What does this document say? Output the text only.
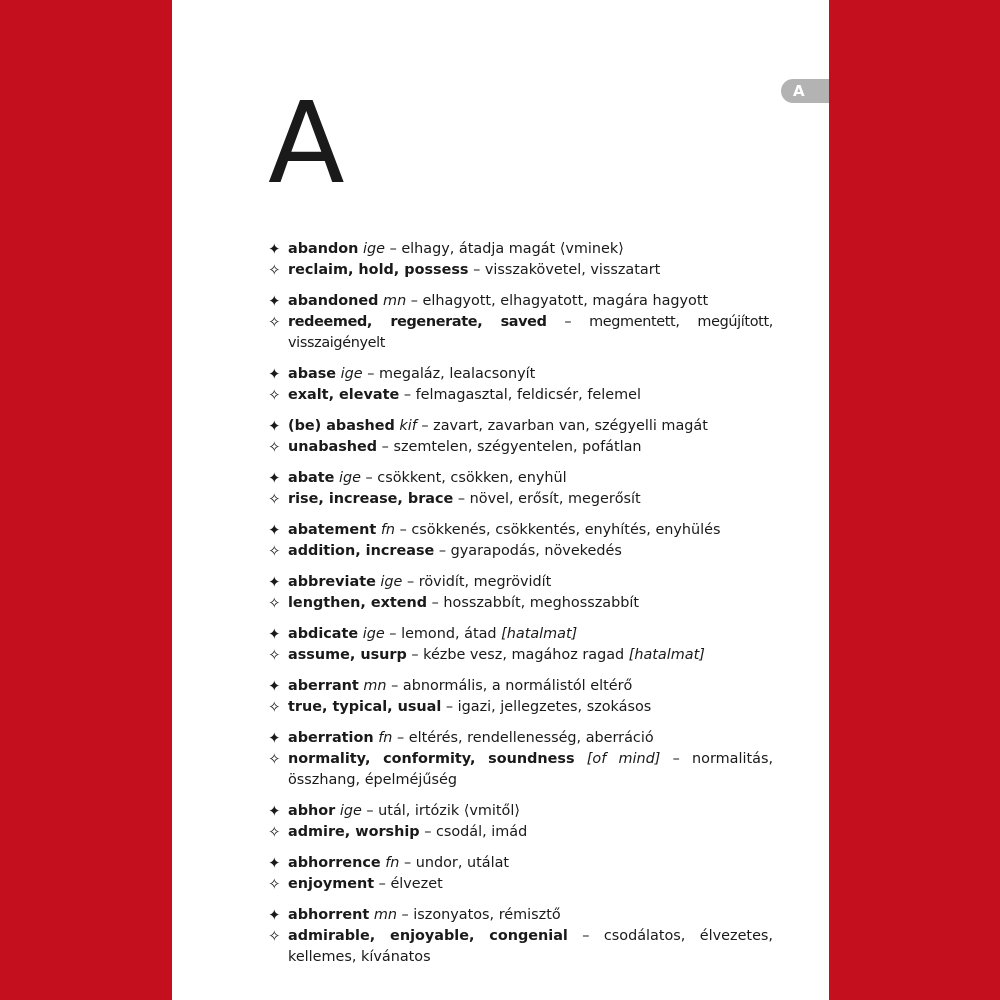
A
A
✦ abandon ige – elhagy, átadja magát ⟨vminek⟩
✧ reclaim, hold, possess – visszakövetel, visszatart
✦ abandoned mn – elhagyott, elhagyatott, magára hagyott
✧ redeemed, regenerate, saved – megmentett, megújított, visszaigényelt
✦ abase ige – megaláz, lealacsonyít
✧ exalt, elevate – felmagasztal, feldicsér, felemel
✦ (be) abashed kif – zavart, zavarban van, szégyelli magát
✧ unabashed – szemtelen, szégyentelen, pofátlan
✦ abate ige – csökkent, csökken, enyhül
✧ rise, increase, brace – növel, erősít, megerősít
✦ abatement fn – csökkenés, csökkentés, enyhítés, enyhülés
✧ addition, increase – gyarapodás, növekedés
✦ abbreviate ige – rövidít, megrövidít
✧ lengthen, extend – hosszabbít, meghosszabbít
✦ abdicate ige – lemond, átad [hatalmat]
✧ assume, usurp – kézbe vesz, magához ragad [hatalmat]
✦ aberrant mn – abnormális, a normálistól eltérő
✧ true, typical, usual – igazi, jellegzetes, szokásos
✦ aberration fn – eltérés, rendellenesség, aberráció
✧ normality, conformity, soundness [of mind] – normalitás, összhang, épelméjűség
✦ abhor ige – utál, irtózik ⟨vmitől⟩
✧ admire, worship – csodál, imád
✦ abhorrence fn – undor, utálat
✧ enjoyment – élvezet
✦ abhorrent mn – iszonyatos, rémisztő
✧ admirable, enjoyable, congenial – csodálatos, élvezetes, kellemes, kívánatos
